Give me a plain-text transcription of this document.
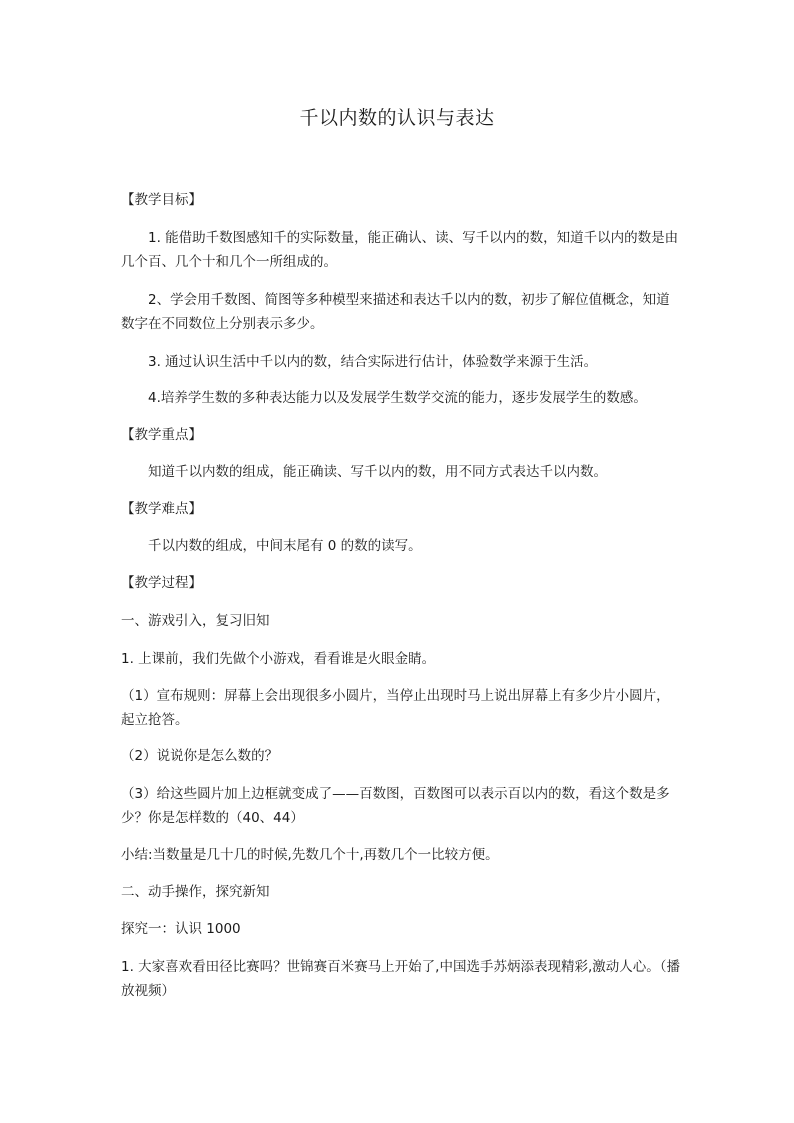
千以内数的认识与表达
【教学目标】
1. 能借助千数图感知千的实际数量，能正确认、读、写千以内的数，知道千以内的数是由几个百、几个十和几个一所组成的。
2、学会用千数图、简图等多种模型来描述和表达千以内的数，初步了解位值概念，知道数字在不同数位上分别表示多少。
3. 通过认识生活中千以内的数，结合实际进行估计，体验数学来源于生活。
4.培养学生数的多种表达能力以及发展学生数学交流的能力，逐步发展学生的数感。
【教学重点】
知道千以内数的组成，能正确读、写千以内的数，用不同方式表达千以内数。
【教学难点】
千以内数的组成，中间末尾有 0 的数的读写。
【教学过程】
一、游戏引入，复习旧知
1. 上课前，我们先做个小游戏，看看谁是火眼金睛。
（1）宣布规则：屏幕上会出现很多小圆片，当停止出现时马上说出屏幕上有多少片小圆片，起立抢答。
（2）说说你是怎么数的？
（3）给这些圆片加上边框就变成了——百数图，百数图可以表示百以内的数，看这个数是多少？你是怎样数的（40、44）
小结:当数量是几十几的时候,先数几个十,再数几个一比较方便。
二、动手操作，探究新知
探究一：认识 1000
1. 大家喜欢看田径比赛吗？世锦赛百米赛马上开始了,中国选手苏炳添表现精彩,激动人心。（播放视频）
